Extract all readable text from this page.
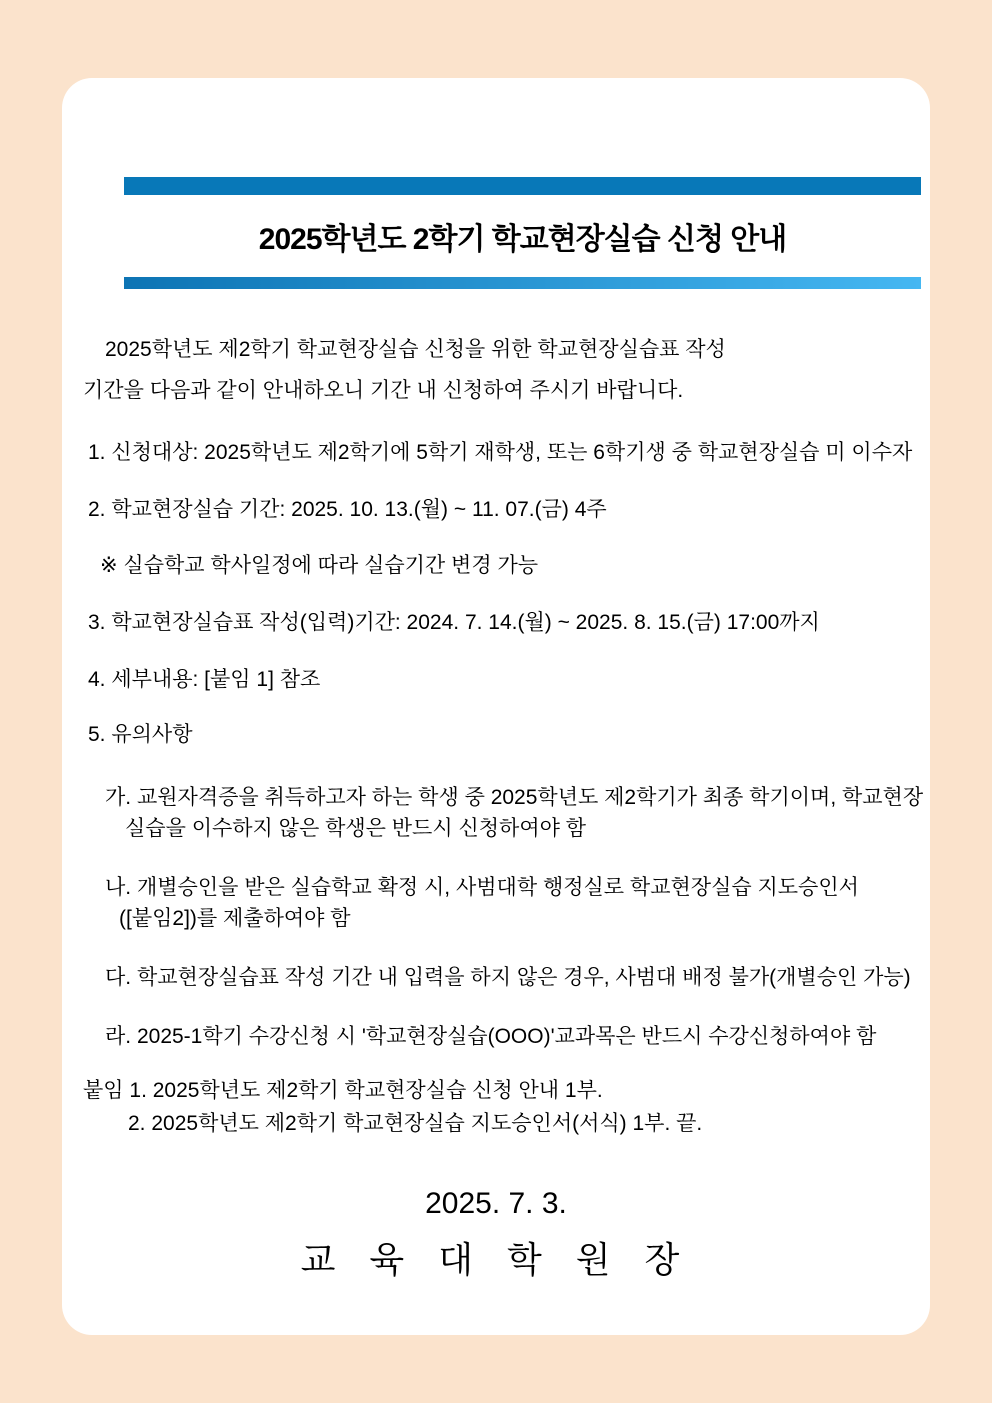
2025학년도 2학기 학교현장실습 신청 안내
2025학년도 제2학기 학교현장실습 신청을 위한 학교현장실습표 작성
기간을 다음과 같이 안내하오니 기간 내 신청하여 주시기 바랍니다.
1. 신청대상: 2025학년도 제2학기에 5학기 재학생, 또는 6학기생 중 학교현장실습 미 이수자
2. 학교현장실습 기간: 2025. 10. 13.(월) ~ 11. 07.(금) 4주
※ 실습학교 학사일정에 따라 실습기간 변경 가능
3. 학교현장실습표 작성(입력)기간: 2024. 7. 14.(월) ~ 2025. 8. 15.(금) 17:00까지
4. 세부내용: [붙임 1] 참조
5. 유의사항
가. 교원자격증을 취득하고자 하는 학생 중 2025학년도 제2학기가 최종 학기이며, 학교현장
실습을 이수하지 않은 학생은 반드시 신청하여야 함
나. 개별승인을 받은 실습학교 확정 시, 사범대학 행정실로 학교현장실습 지도승인서
([붙임2])를 제출하여야 함
다. 학교현장실습표 작성 기간 내 입력을 하지 않은 경우, 사범대 배정 불가(개별승인 가능)
라. 2025-1학기 수강신청 시 '학교현장실습(OOO)'교과목은 반드시 수강신청하여야 함
붙임 1. 2025학년도 제2학기 학교현장실습 신청 안내 1부.
2. 2025학년도 제2학기 학교현장실습 지도승인서(서식) 1부. 끝.
2025. 7. 3.
교 육 대 학 원 장
